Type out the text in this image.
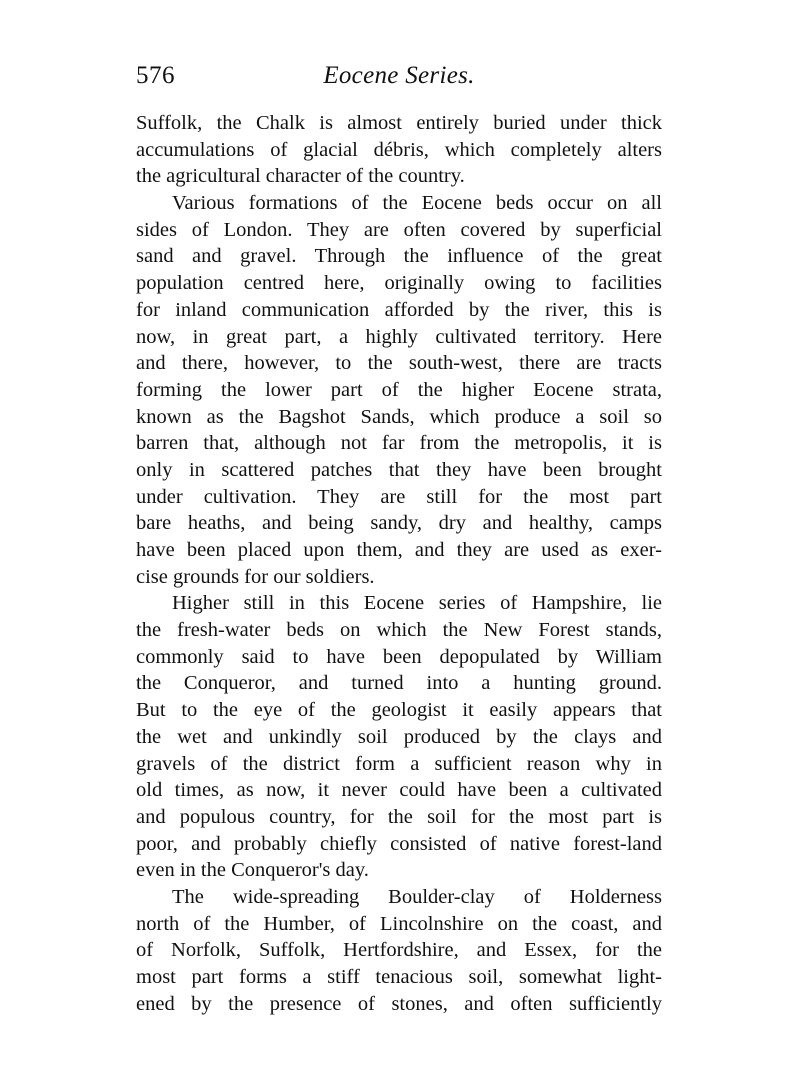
576	Eocene Series.
Suffolk, the Chalk is almost entirely buried under thick
accumulations of glacial débris, which completely alters
the agricultural character of the country.
Various formations of the Eocene beds occur on all
sides of London. They are often covered by superficial
sand and gravel. Through the influence of the great
population centred here, originally owing to facilities
for inland communication afforded by the river, this is
now, in great part, a highly cultivated territory. Here
and there, however, to the south-west, there are tracts
forming the lower part of the higher Eocene strata,
known as the Bagshot Sands, which produce a soil so
barren that, although not far from the metropolis, it is
only in scattered patches that they have been brought
under cultivation. They are still for the most part
bare heaths, and being sandy, dry and healthy, camps
have been placed upon them, and they are used as exer-
cise grounds for our soldiers.
Higher still in this Eocene series of Hampshire, lie
the fresh-water beds on which the New Forest stands,
commonly said to have been depopulated by William
the Conqueror, and turned into a hunting ground.
But to the eye of the geologist it easily appears that
the wet and unkindly soil produced by the clays and
gravels of the district form a sufficient reason why in
old times, as now, it never could have been a cultivated
and populous country, for the soil for the most part is
poor, and probably chiefly consisted of native forest-land
even in the Conqueror's day.
The wide-spreading Boulder-clay of Holderness
north of the Humber, of Lincolnshire on the coast, and
of Norfolk, Suffolk, Hertfordshire, and Essex, for the
most part forms a stiff tenacious soil, somewhat light-
ened by the presence of stones, and often sufficiently
